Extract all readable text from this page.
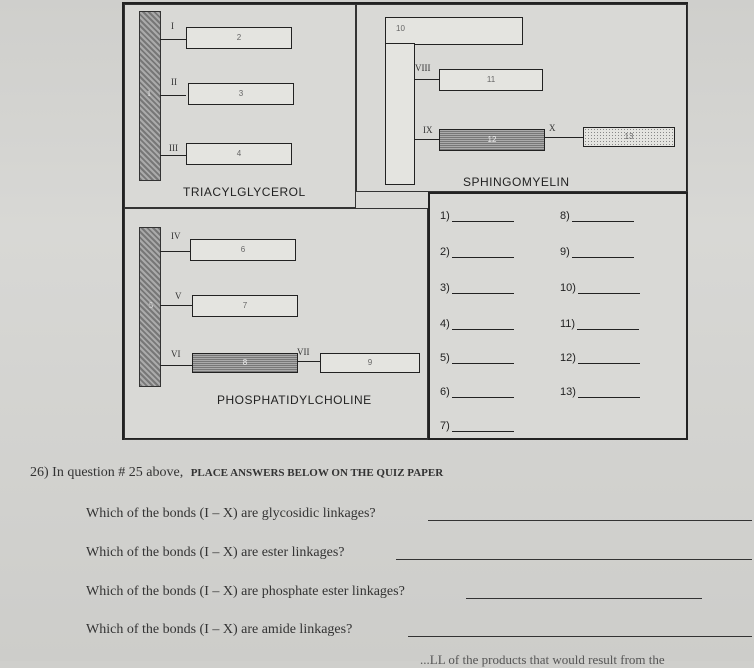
1
I
2
II
3
III
4
TRIACYLGLYCEROL
10
VIII
11
IX
12
X
13
SPHINGOMYELIN
5
IV
6
V
7
VI
8
VII
9
PHOSPHATIDYLCHOLINE
1)
2)
3)
4)
5)
6)
7)
8)
9)
10)
11)
12)
13)
26) In question # 25 above, PLACE ANSWERS BELOW ON THE QUIZ PAPER
Which of the bonds (I – X) are glycosidic linkages?
Which of the bonds (I – X) are ester linkages?
Which of the bonds (I – X) are phosphate ester linkages?
Which of the bonds (I – X) are amide linkages?
...LL of the products that would result from the
